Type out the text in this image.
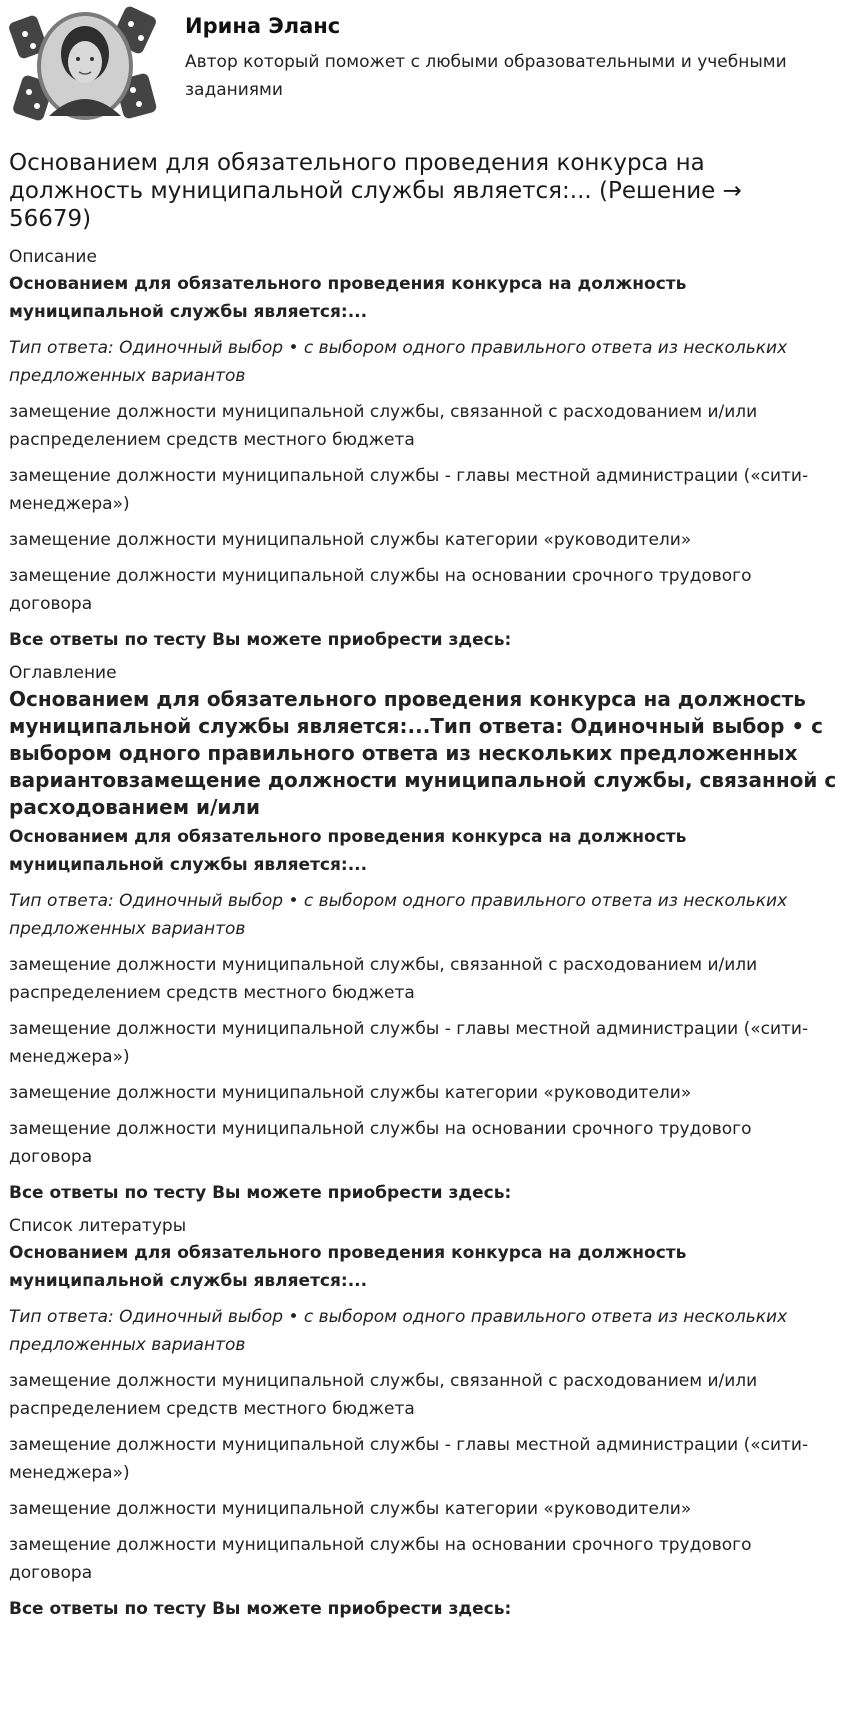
Ирина Эланс
Автор который поможет с любыми образовательными и учебными заданиями
Основанием для обязательного проведения конкурса на должность муниципальной службы является:... (Решение → 56679)
Описание
Основанием для обязательного проведения конкурса на должность муниципальной службы является:...
Тип ответа: Одиночный выбор • с выбором одного правильного ответа из нескольких предложенных вариантов
замещение должности муниципальной службы, связанной с расходованием и/или распределением средств местного бюджета
замещение должности муниципальной службы - главы местной администрации («сити-менеджера»)
замещение должности муниципальной службы категории «руководители»
замещение должности муниципальной службы на основании срочного трудового договора
Все ответы по тесту Вы можете приобрести здесь:
Оглавление
Основанием для обязательного проведения конкурса на должность муниципальной службы является:...Тип ответа: Одиночный выбор • с выбором одного правильного ответа из нескольких предложенных вариантовзамещение должности муниципальной службы, связанной с расходованием и/или
Основанием для обязательного проведения конкурса на должность муниципальной службы является:...
Тип ответа: Одиночный выбор • с выбором одного правильного ответа из нескольких предложенных вариантов
замещение должности муниципальной службы, связанной с расходованием и/или распределением средств местного бюджета
замещение должности муниципальной службы - главы местной администрации («сити-менеджера»)
замещение должности муниципальной службы категории «руководители»
замещение должности муниципальной службы на основании срочного трудового договора
Все ответы по тесту Вы можете приобрести здесь:
Список литературы
Основанием для обязательного проведения конкурса на должность муниципальной службы является:...
Тип ответа: Одиночный выбор • с выбором одного правильного ответа из нескольких предложенных вариантов
замещение должности муниципальной службы, связанной с расходованием и/или распределением средств местного бюджета
замещение должности муниципальной службы - главы местной администрации («сити-менеджера»)
замещение должности муниципальной службы категории «руководители»
замещение должности муниципальной службы на основании срочного трудового договора
Все ответы по тесту Вы можете приобрести здесь:
